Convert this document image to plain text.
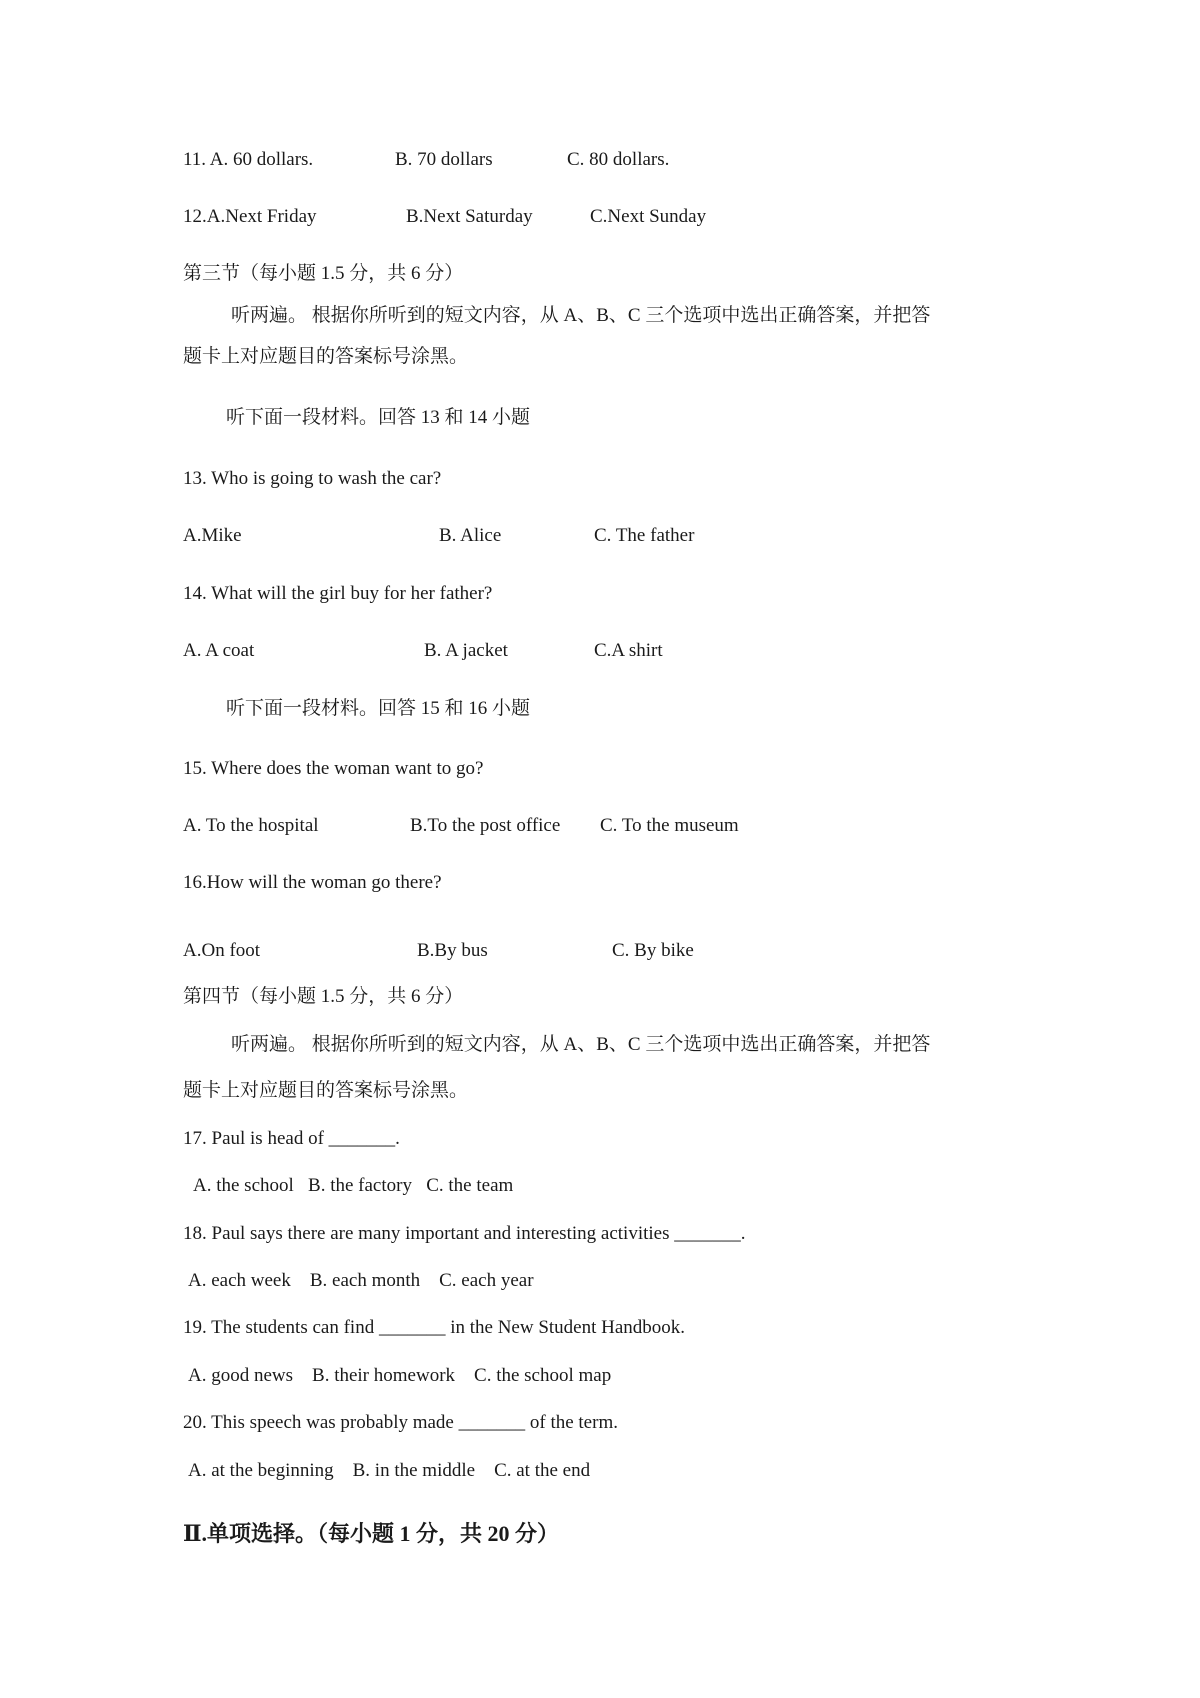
11. A. 60 dollars.	B. 70 dollars	C. 80 dollars.
12.A.Next Friday	B.Next Saturday	C.Next Sunday
第三节（每小题 1.5 分，共 6 分）
听两遍。 根据你所听到的短文内容，从 A、B、C 三个选项中选出正确答案，并把答
题卡上对应题目的答案标号涂黑。
听下面一段材料。回答 13 和 14 小题
13. Who is going to wash the car?
A.Mike	B. Alice	C. The father
14. What will the girl buy for her father?
A. A coat	B. A jacket	C.A shirt
听下面一段材料。回答 15 和 16 小题
15. Where does the woman want to go?
A. To the hospital	B.To the post office C. To the museum
16.How will the woman go there?
A.On foot	B.By bus	C. By bike
第四节（每小题 1.5 分，共 6 分）
听两遍。 根据你所听到的短文内容，从 A、B、C 三个选项中选出正确答案，并把答
题卡上对应题目的答案标号涂黑。
17. Paul is head of _______.
A. the school   B. the factory   C. the team
18. Paul says there are many important and interesting activities _______.
A. each week    B. each month    C. each year
19. The students can find _______ in the New Student Handbook.
A. good news    B. their homework    C. the school map
20. This speech was probably made _______ of the term.
A. at the beginning    B. in the middle    C. at the end
Ⅱ.单项选择。（每小题 1 分，共 20 分）
